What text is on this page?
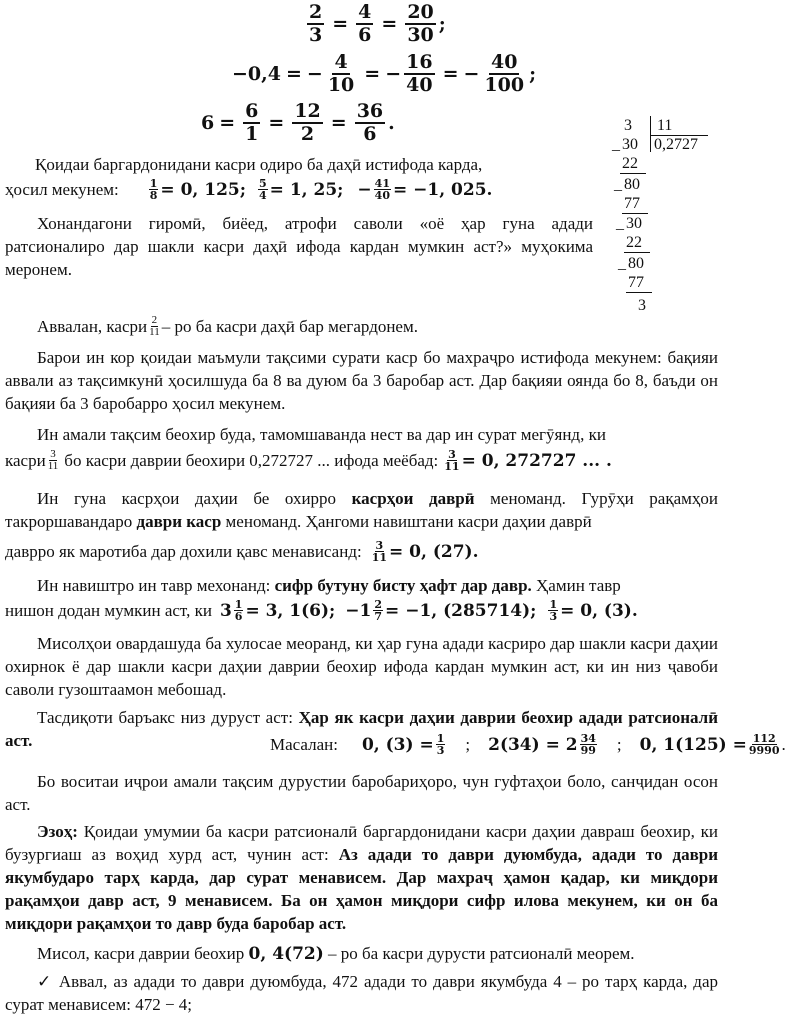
$\frac{2}{3} = \frac{4}{6} = \frac{20}{30}$ ;
−0,4 = − $\frac{4}{10}$ = − $\frac{16}{40}$ = − $\frac{40}{100}$ ;
$6 = \frac{6}{1} = \frac{12}{2} = \frac{36}{6}$ .	3 11
0,2727
_ 30
22
_ 80
77
_ 30
22
_ 80
77
3
Қоидаи баргардонидани касри одиро ба даҳӣ истифода карда,
ҳосил мекунем:	$\frac{1}{8} = 0$, 125; $\frac{5}{4} = 1$, 25; − $\frac{41}{40} = -1$, 025.
Хонандагони гиромӣ, биёед, атрофи саволи «оё ҳар гуна адади ратсионалиро дар шакли касри даҳӣ ифода кардан мумкин аст?» муҳокима меронем.
Аввалан, касри $\frac{2}{11}$ – ро ба касри даҳӣ бар мегардонем.
Барои ин кор қоидаи маъмули тақсими сурати каср бо махраҷро истифода мекунем: бақияи аввали аз тақсимкунӣ ҳосилшуда ба 8 ва дуюм ба 3 баробар аст. Дар бақияи оянда бо 8, баъди он бақияи ба 3 баробарро ҳосил мекунем.
Ин амали тақсим беохир буда, тамомшаванда нест ва дар ин сурат мегӯянд, ки
касри $\frac{3}{11}$ бо касри даврии беохири 0,272727 ... ифода меёбад: $\frac{3}{11} = 0$, 272727 ... .
Ин гуна касрҳои даҳии бе охирро касрҳои даврӣ меноманд. Гурӯҳи рақамҳои такроршавандаро даври каср меноманд. Ҳангоми навиштани касри даҳии даврӣ
даврро як маротиба дар дохили қавс менависанд: $\frac{3}{11} = 0$, (27).
Ин навиштро ин тавр мехонанд: сифр бутуну бисту ҳафт дар давр. Ҳамин тавр
нишон додан мумкин аст, ки $3 \frac{1}{6} = 3$, 1(6); $-1 \frac{2}{7} = -1$, (285714); $\frac{1}{3} = 0$, (3).
Мисолҳои овардашуда ба хулосае меоранд, ки ҳар гуна адади касриро дар шакли касри даҳии охирнок ё дар шакли касри даҳии даврии беохир ифода кардан мумкин аст, ки ин низ ҷавоби саволи гузоштаамон мебошад.
Тасдиқоти баръакс низ дуруст аст: Ҳар як касри даҳии даврии беохир адади ратсионалӣ аст.	Масалан: 0, $(3) = \frac{1}{3}$ ; $2(34) = 2 \frac{34}{99}$ ; 0, $1(125) = \frac{112}{9990}$ .
Бо воситаи иҷрои амали тақсим дурустии баробариҳоро, чун гуфтаҳои боло, санҷидан осон аст.
Эзоҳ: Қоидаи умумии ба касри ратсионалӣ баргардонидани касри даҳии давраш беохир, ки бузургиаш аз воҳид хурд аст, чунин аст: Аз адади то даври дуюмбуда, адади то даври якумбударо тарҳ карда, дар сурат менависем. Дар махраҷ ҳамон қадар, ки миқдори рақамҳои давр аст, 9 менависем. Ба он ҳамон миқдори сифр илова мекунем, ки он ба миқдори рақамҳои то давр буда баробар аст.
Мисол, касри даврии беохир 0, 4(72) – ро ба касри дурусти ратсионалӣ меорем.
✓ Аввал, аз адади то даври дуюмбуда, 472 адади то даври якумбуда 4 – ро тарҳ карда, дар сурат менависем: 472 − 4;
